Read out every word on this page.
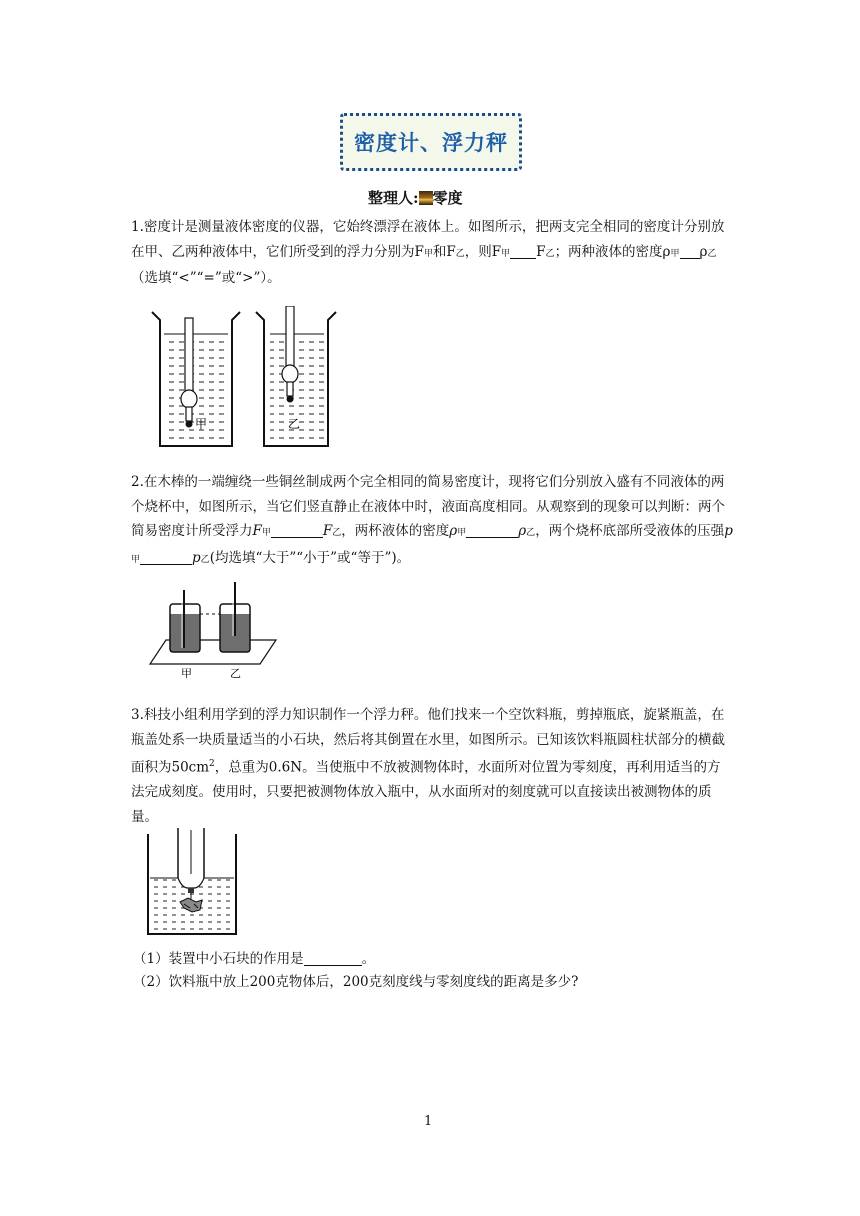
密度计、浮力秤
整理人: 零度
1.密度计是测量液体密度的仪器，它始终漂浮在液体上。如图所示，把两支完全相同的密度计分别放在甲、乙两种液体中，它们所受到的浮力分别为F甲和F乙，则F甲 F乙；两种液体的密度ρ甲 ρ乙（选填“<”“=”或“>”）。
甲	乙
2.在木棒的一端缠绕一些铜丝制成两个完全相同的简易密度计，现将它们分别放入盛有不同液体的两个烧杯中，如图所示，当它们竖直静止在液体中时，液面高度相同。从观察到的现象可以判断：两个简易密度计所受浮力F甲	F乙，两杯液体的密度ρ甲	ρ乙，两个烧杯底部所受液体的压强p甲	p乙(均选填“大于”“小于”或“等于”)。
甲	乙
3.科技小组利用学到的浮力知识制作一个浮力秤。他们找来一个空饮料瓶，剪掉瓶底，旋紧瓶盖，在瓶盖处系一块质量适当的小石块，然后将其倒置在水里，如图所示。已知该饮料瓶圆柱状部分的横截面积为$50cm^2$，总重为0.6N。当使瓶中不放被测物体时，水面所对位置为零刻度，再利用适当的方法完成刻度。使用时，只要把被测物体放入瓶中，从水面所对的刻度就可以直接读出被测物体的质量。
（1）装置中小石块的作用是	。
（2）饮料瓶中放上200克物体后，200克刻度线与零刻度线的距离是多少?
1
